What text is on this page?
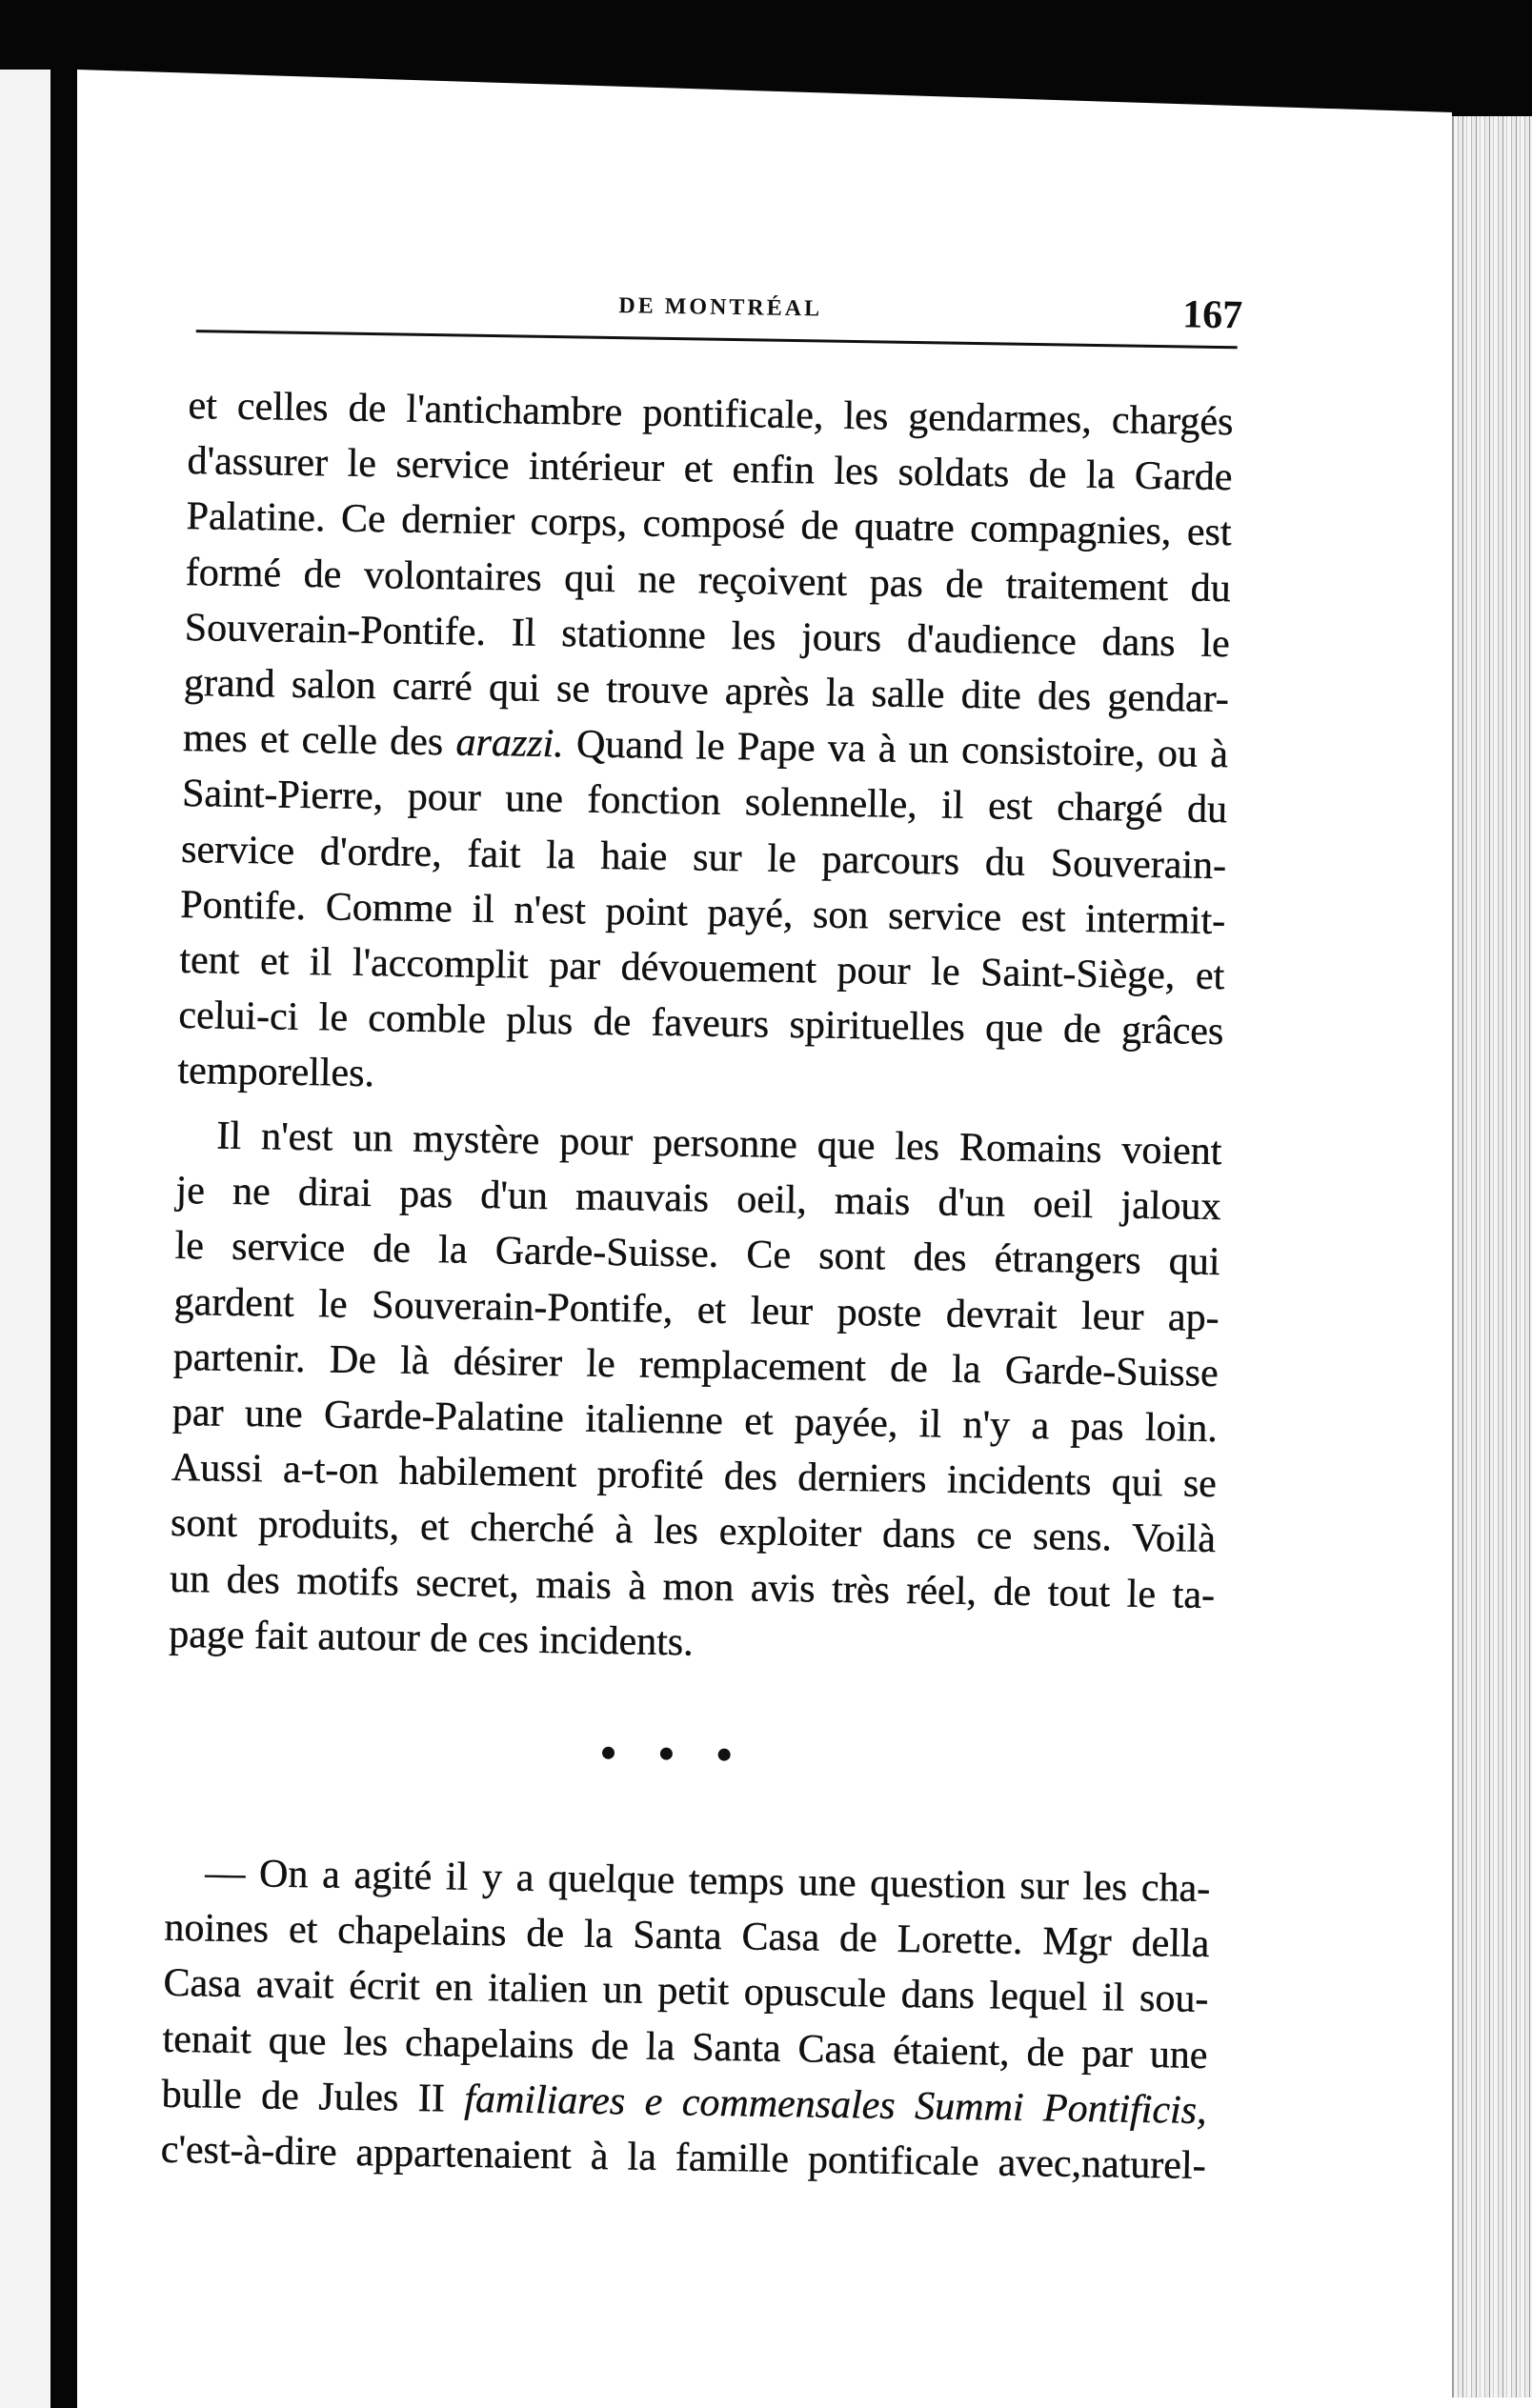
DE MONTRÉAL	167
et celles de l'antichambre pontificale, les gendarmes, chargés
d'assurer le service intérieur et enfin les soldats de la Garde
Palatine. Ce dernier corps, composé de quatre compagnies, est
formé de volontaires qui ne reçoivent pas de traitement du
Souverain-Pontife. Il stationne les jours d'audience dans le
grand salon carré qui se trouve après la salle dite des gendar-
mes et celle des arazzi. Quand le Pape va à un consistoire, ou à
Saint-Pierre, pour une fonction solennelle, il est chargé du
service d'ordre, fait la haie sur le parcours du Souverain-
Pontife. Comme il n'est point payé, son service est intermit-
tent et il l'accomplit par dévouement pour le Saint-Siège, et
celui-ci le comble plus de faveurs spirituelles que de grâces
temporelles.
Il n'est un mystère pour personne que les Romains voient
je ne dirai pas d'un mauvais oeil, mais d'un oeil jaloux
le service de la Garde-Suisse. Ce sont des étrangers qui
gardent le Souverain-Pontife, et leur poste devrait leur ap-
partenir. De là désirer le remplacement de la Garde-Suisse
par une Garde-Palatine italienne et payée, il n'y a pas loin.
Aussi a-t-on habilement profité des derniers incidents qui se
sont produits, et cherché à les exploiter dans ce sens. Voilà
un des motifs secret, mais à mon avis très réel, de tout le ta-
page fait autour de ces incidents.
• • •
— On a agité il y a quelque temps une question sur les cha-
noines et chapelains de la Santa Casa de Lorette. Mgr della
Casa avait écrit en italien un petit opuscule dans lequel il sou-
tenait que les chapelains de la Santa Casa étaient, de par une
bulle de Jules II familiares e commensales Summi Pontificis,
c'est-à-dire appartenaient à la famille pontificale avec,naturel-
